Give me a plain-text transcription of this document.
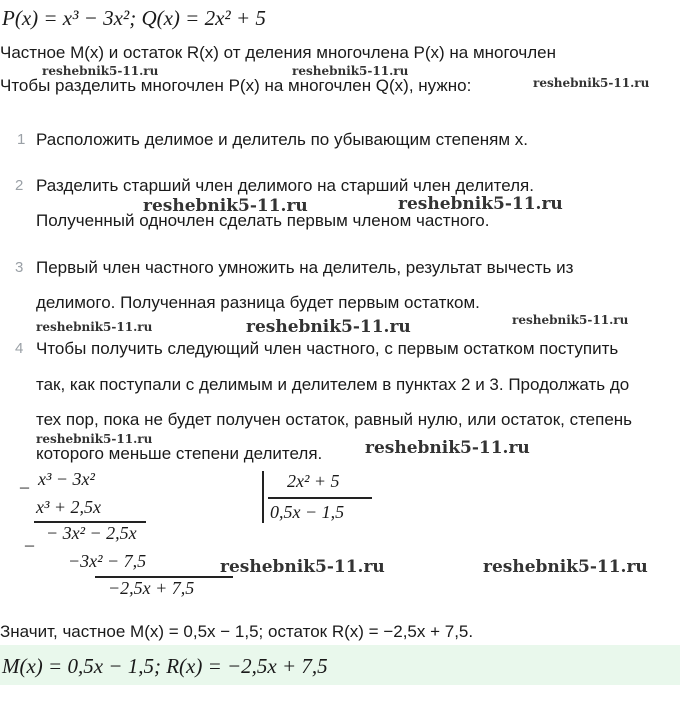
P(x) = x³ − 3x²; Q(x) = 2x² + 5
Частное M(x) и остаток R(x) от деления многочлена P(x) на многочлен
Чтобы разделить многочлен P(x) на многочлен Q(x), нужно:
1 Расположить делимое и делитель по убывающим степеням x.
2 Разделить старший член делимого на старший член делителя.
Полученный одночлен сделать первым членом частного.
3 Первый член частного умножить на делитель, результат вычесть из
делимого. Полученная разница будет первым остатком.
4 Чтобы получить следующий член частного, с первым остатком поступить
так, как поступали с делимым и делителем в пунктах 2 и 3. Продолжать до
тех пор, пока не будет получен остаток, равный нулю, или остаток, степень
которого меньше степени делителя.
_ x³ − 3x²
x³ + 2,5x
_ − 3x² − 2,5x
−3x² − 7,5
−2,5x + 7,5
2x² + 5
0,5x − 1,5
Значит, частное M(x) = 0,5x − 1,5; остаток R(x) = −2,5x + 7,5.
M(x) = 0,5x − 1,5; R(x) = −2,5x + 7,5
reshebnik5-11.ru	reshebnik5-11.ru
reshebnik5-11.ru
reshebnik5-11.ru	reshebnik5-11.ru
reshebnik5-11.ru	reshebnik5-11.ru	reshebnik5-11.ru
reshebnik5-11.ru	reshebnik5-11.ru
reshebnik5-11.ru	reshebnik5-11.ru
